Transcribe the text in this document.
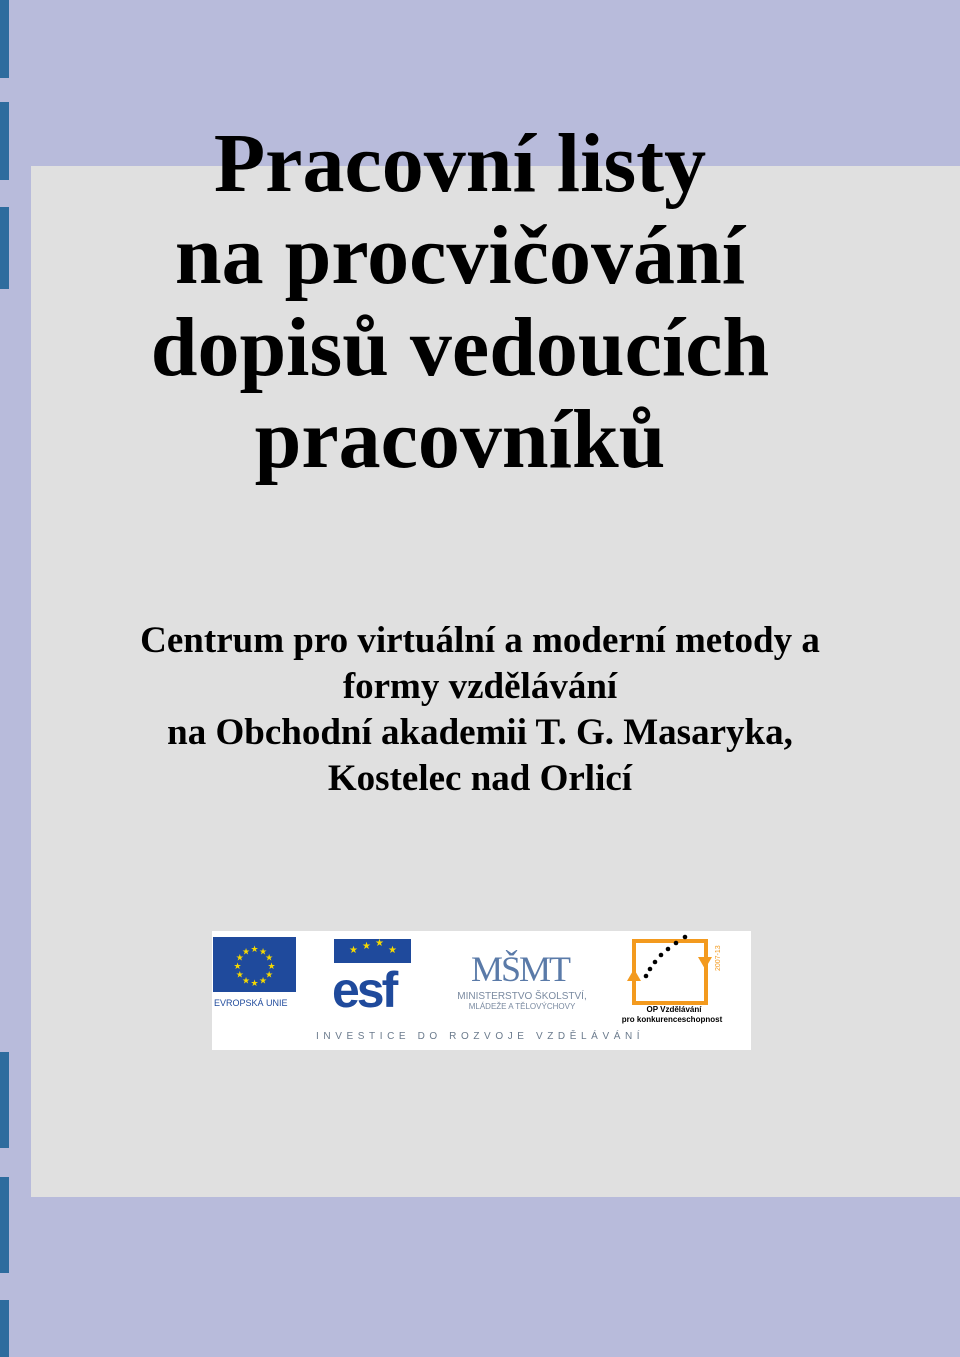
Pracovní listy
na procvičování
dopisů vedoucích
pracovníků
Centrum pro virtuální a moderní metody a
formy vzdělávání
na Obchodní akademii T. G. Masaryka,
Kostelec nad Orlicí
★ ★
★
★
★
★
★
★
★
★
★
★
EVROPSKÁ UNIE
★ ★ ★
★
esf MŠMT
MINISTERSTVO ŠKOLSTVÍ,
MLÁDEŽE A TĚLOVÝCHOVY
2007-13
OP Vzdělávání
pro konkurenceschopnost
INVESTICE DO ROZVOJE VZDĚLÁVÁNÍ
